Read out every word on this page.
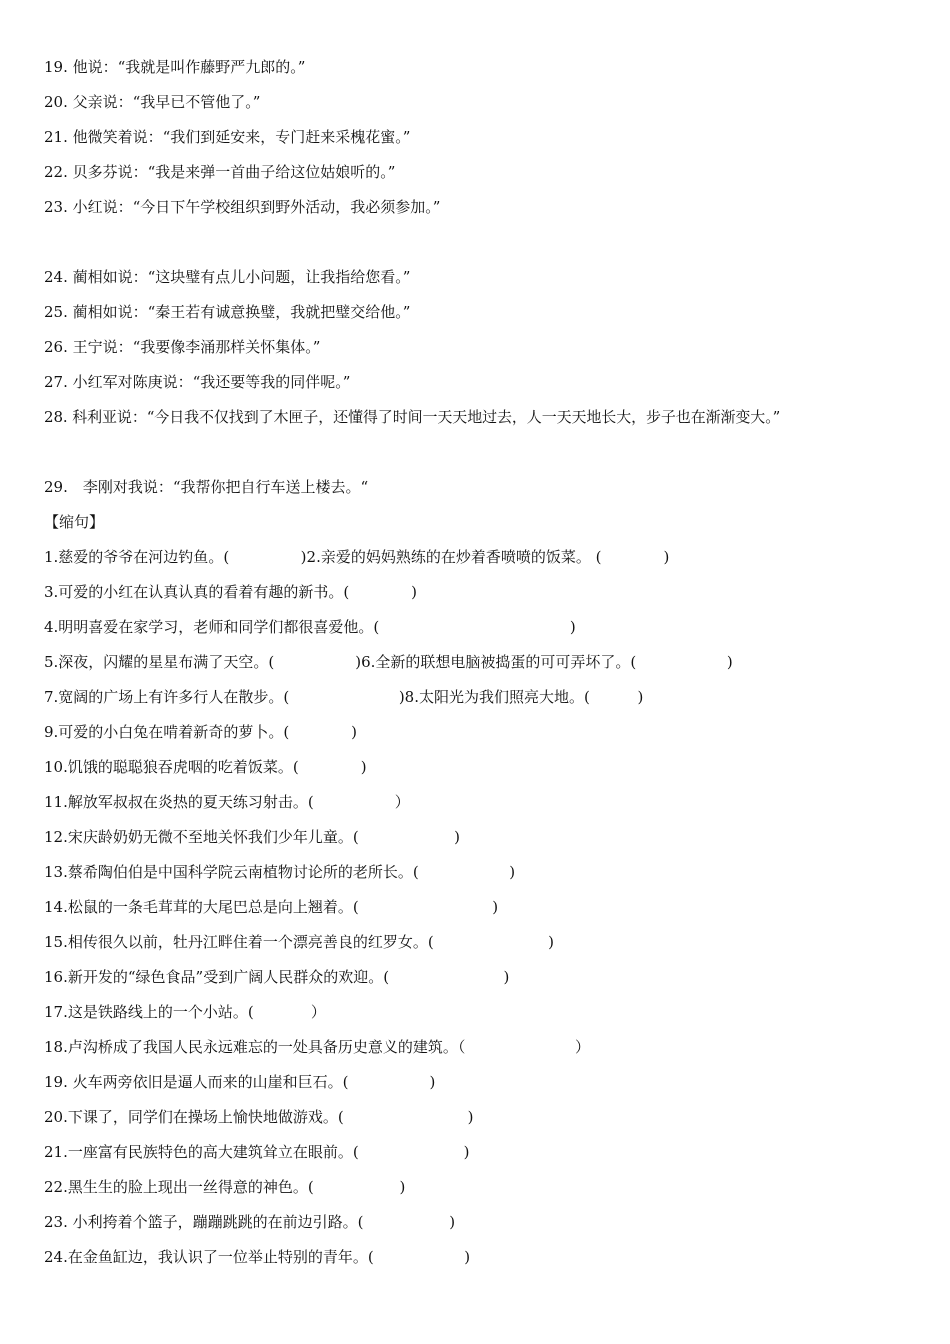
19. 他说：“我就是叫作藤野严九郎的。”
20. 父亲说：“我早已不管他了。”
21. 他微笑着说：“我们到延安来，专门赶来采槐花蜜。”
22. 贝多芬说：“我是来弹一首曲子给这位姑娘听的。”
23. 小红说：“今日下午学校组织到野外活动，我必须参加。”
24. 蔺相如说：“这块璧有点儿小问题，让我指给您看。”
25. 蔺相如说：“秦王若有诚意换璧，我就把璧交给他。”
26. 王宁说：“我要像李涌那样关怀集体。”
27. 小红军对陈庚说：“我还要等我的同伴呢。”
28. 科利亚说：“今日我不仅找到了木匣子，还懂得了时间一天天地过去，人一天天地长大，步子也在渐渐变大。”
29.　李刚对我说：“我帮你把自行车送上楼去。“
【缩句】
1.慈爱的爷爷在河边钓鱼。(               )2.亲爱的妈妈熟练的在炒着香喷喷的饭菜。 (             )
3.可爱的小红在认真认真的看着有趣的新书。(             )
4.明明喜爱在家学习，老师和同学们都很喜爱他。(                                        )
5.深夜，闪耀的星星布满了天空。(                 )6.全新的联想电脑被捣蛋的可可弄坏了。(                   )
7.宽阔的广场上有许多行人在散步。(                       )8.太阳光为我们照亮大地。(          )
9.可爱的小白兔在啃着新奇的萝卜。(             )
10.饥饿的聪聪狼吞虎咽的吃着饭菜。(             )
11.解放军叔叔在炎热的夏天练习射击。(                 ）
12.宋庆龄奶奶无微不至地关怀我们少年儿童。(                    )
13.蔡希陶伯伯是中国科学院云南植物讨论所的老所长。(                   )
14.松鼠的一条毛茸茸的大尾巴总是向上翘着。(                            )
15.相传很久以前，牡丹江畔住着一个漂亮善良的红罗女。(                        )
16.新开发的“绿色食品”受到广阔人民群众的欢迎。(                        )
17.这是铁路线上的一个小站。(            ）
18.卢沟桥成了我国人民永远难忘的一处具备历史意义的建筑。（                       ）
19. 火车两旁依旧是逼人而来的山崖和巨石。(                 )
20.下课了，同学们在操场上愉快地做游戏。(                          )
21.一座富有民族特色的高大建筑耸立在眼前。(                      )
22.黑生生的脸上现出一丝得意的神色。(                  )
23. 小利挎着个篮子，蹦蹦跳跳的在前边引路。(                  )
24.在金鱼缸边，我认识了一位举止特别的青年。(                   )
